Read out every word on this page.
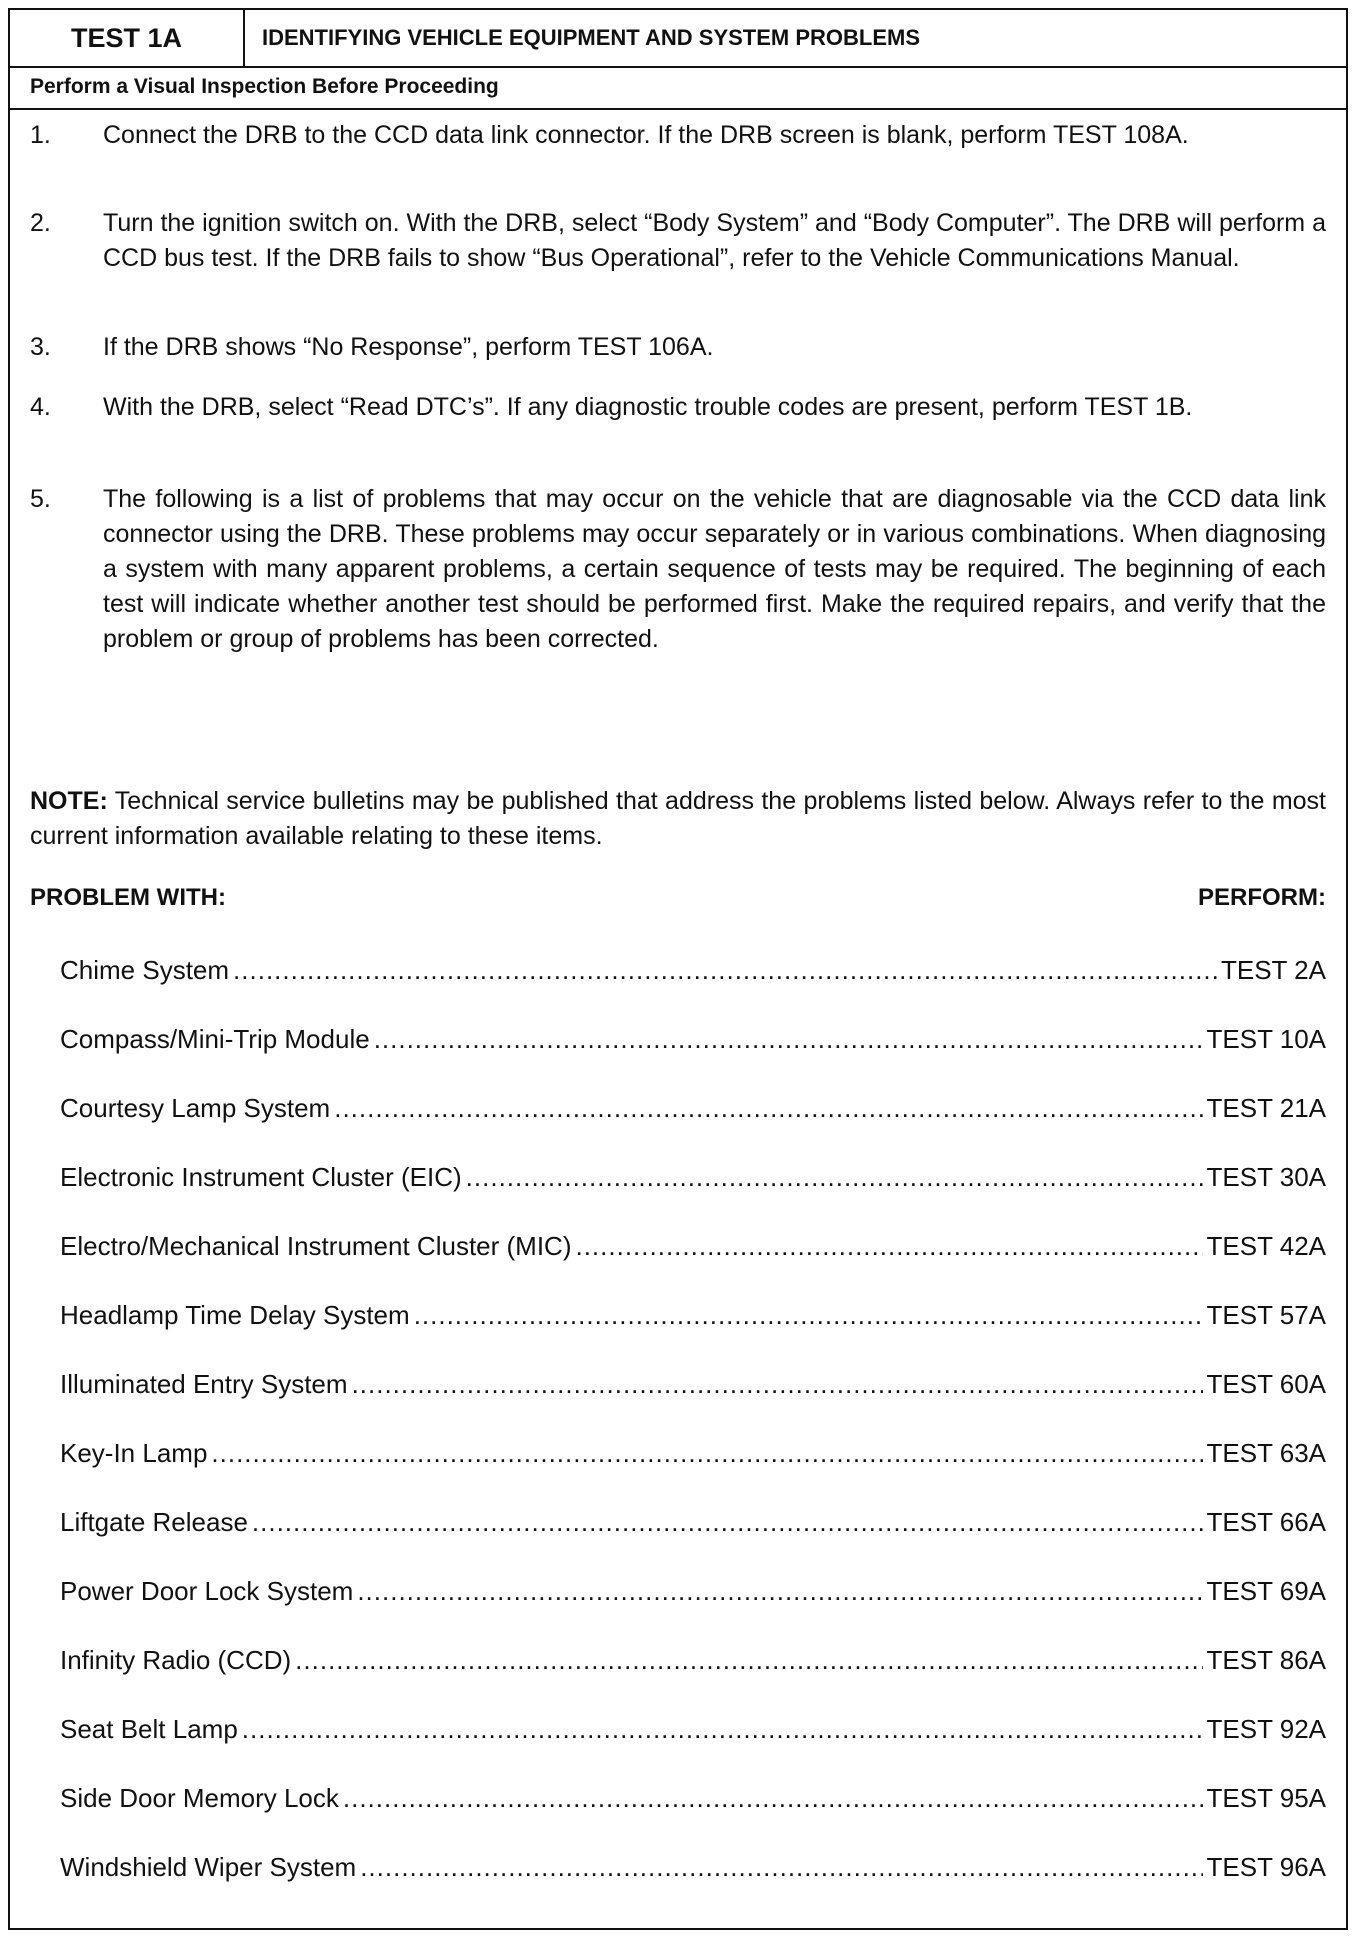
TEST 1A	IDENTIFYING VEHICLE EQUIPMENT AND SYSTEM PROBLEMS
Perform a Visual Inspection Before Proceeding
1.	Connect the DRB to the CCD data link connector. If the DRB screen is blank, perform TEST 108A.
2.	Turn the ignition switch on. With the DRB, select “Body System” and “Body Computer”. The DRB will perform a CCD bus test. If the DRB fails to show “Bus Operational”, refer to the Vehicle Communications Manual.
3.	If the DRB shows “No Response”, perform TEST 106A.
4.	With the DRB, select “Read DTC’s”. If any diagnostic trouble codes are present, perform TEST 1B.
5.	The following is a list of problems that may occur on the vehicle that are diagnosable via the CCD data link connector using the DRB. These problems may occur separately or in various combinations. When diagnosing a system with many apparent problems, a certain sequence of tests may be required. The beginning of each test will indicate whether another test should be performed first. Make the required repairs, and verify that the problem or group of problems has been corrected.
NOTE: Technical service bulletins may be published that address the problems listed below. Always refer to the most current information available relating to these items.
PROBLEM WITH:	PERFORM:
Chime System .....	TEST 2A
Compass/Mini-Trip Module .....	TEST 10A
Courtesy Lamp System .....	TEST 21A
Electronic Instrument Cluster (EIC) .....	TEST 30A
Electro/Mechanical Instrument Cluster (MIC) .....	TEST 42A
Headlamp Time Delay System .....	TEST 57A
Illuminated Entry System .....	TEST 60A
Key-In Lamp .....	TEST 63A
Liftgate Release .....	TEST 66A
Power Door Lock System .....	TEST 69A
Infinity Radio (CCD) .....	TEST 86A
Seat Belt Lamp .....	TEST 92A
Side Door Memory Lock .....	TEST 95A
Windshield Wiper System .....	TEST 96A
